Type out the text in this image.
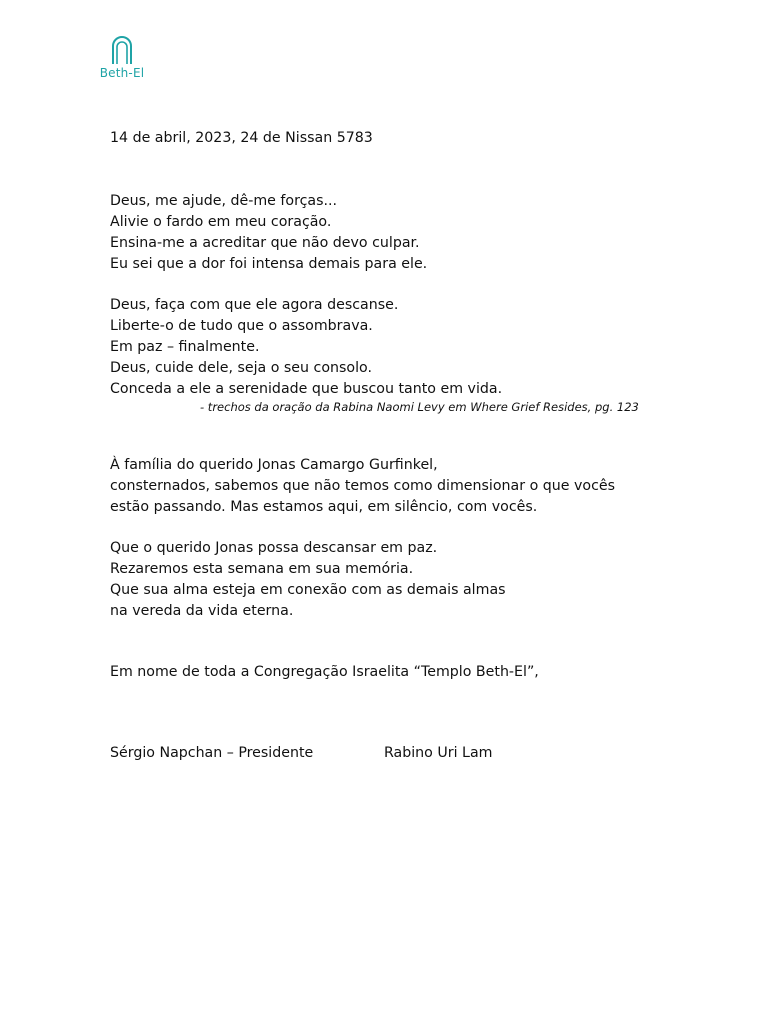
Beth-El
14 de abril, 2023, 24 de Nissan 5783
Deus, me ajude, dê-me forças...
Alivie o fardo em meu coração.
Ensina-me a acreditar que não devo culpar.
Eu sei que a dor foi intensa demais para ele.
Deus, faça com que ele agora descanse.
Liberte-o de tudo que o assombrava.
Em paz – finalmente.
Deus, cuide dele, seja o seu consolo.
Conceda a ele a serenidade que buscou tanto em vida.
- trechos da oração da Rabina Naomi Levy em Where Grief Resides, pg. 123
À família do querido Jonas Camargo Gurfinkel,
consternados, sabemos que não temos como dimensionar o que vocês
estão passando. Mas estamos aqui, em silêncio, com vocês.
Que o querido Jonas possa descansar em paz.
Rezaremos esta semana em sua memória.
Que sua alma esteja em conexão com as demais almas
na vereda da vida eterna.
Em nome de toda a Congregação Israelita “Templo Beth-El”,
Sérgio Napchan – Presidente	Rabino Uri Lam
